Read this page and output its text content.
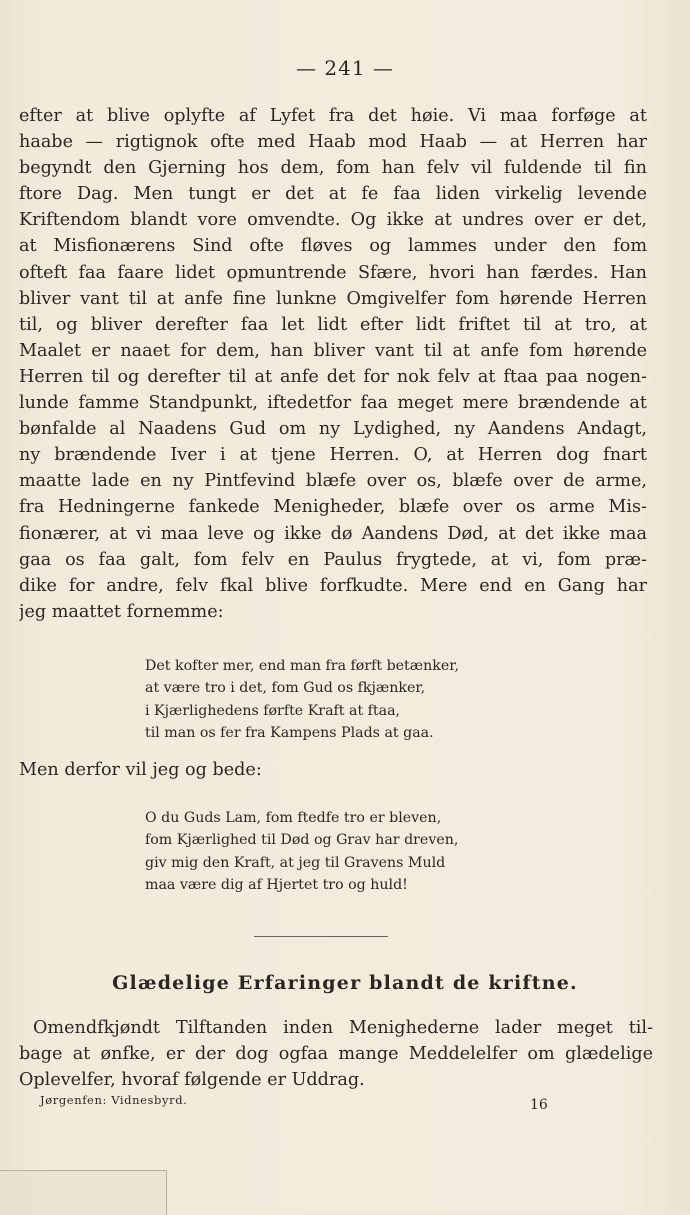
— 241 —
efter at blive oplyfte af Lyfet fra det høie. Vi maa forføge at
haabe — rigtignok ofte med Haab mod Haab — at Herren har
begyndt den Gjerning hos dem, fom han felv vil fuldende til fin
ftore Dag. Men tungt er det at fe faa liden virkelig levende
Kriftendom blandt vore omvendte. Og ikke at undres over er det,
at Misfionærens Sind ofte fløves og lammes under den fom
ofteft faa faare lidet opmuntrende Sfære, hvori han færdes. Han
bliver vant til at anfe fine lunkne Omgivelfer fom hørende Herren
til, og bliver derefter faa let lidt efter lidt friftet til at tro, at
Maalet er naaet for dem, han bliver vant til at anfe fom hørende
Herren til og derefter til at anfe det for nok felv at ftaa paa nogen-
lunde famme Standpunkt, iftedetfor faa meget mere brændende at
bønfalde al Naadens Gud om ny Lydighed, ny Aandens Andagt,
ny brændende Iver i at tjene Herren. O, at Herren dog fnart
maatte lade en ny Pintfevind blæfe over os, blæfe over de arme,
fra Hedningerne fankede Menigheder, blæfe over os arme Mis-
fionærer, at vi maa leve og ikke dø Aandens Død, at det ikke maa
gaa os faa galt, fom felv en Paulus frygtede, at vi, fom præ-
dike for andre, felv fkal blive forfkudte. Mere end en Gang har
jeg maattet fornemme:
Det kofter mer, end man fra førft betænker,
at være tro i det, fom Gud os fkjænker,
i Kjærlighedens førfte Kraft at ftaa,
til man os fer fra Kampens Plads at gaa.
Men derfor vil jeg og bede:
O du Guds Lam, fom ftedfe tro er bleven,
fom Kjærlighed til Død og Grav har dreven,
giv mig den Kraft, at jeg til Gravens Muld
maa være dig af Hjertet tro og huld!
Glædelige Erfaringer blandt de kriftne.
Omendfkjøndt Tilftanden inden Menighederne lader meget til-
bage at ønfke, er der dog ogfaa mange Meddelelfer om glædelige
Oplevelfer, hvoraf følgende er Uddrag.
Jørgenfen: Vidnesbyrd.	16
